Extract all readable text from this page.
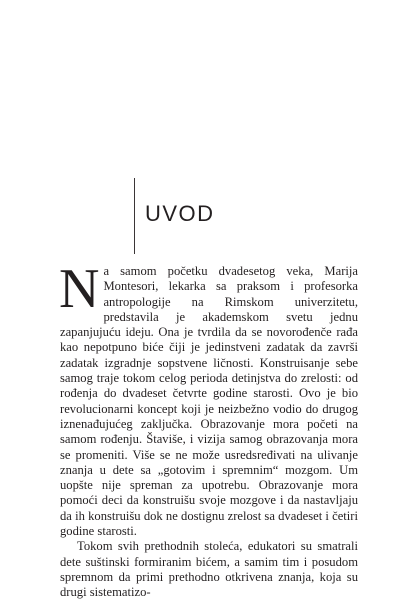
UVOD

Na samom početku dvadesetog veka, Marija Montesori, lekarka sa praksom i profesorka antropologije na Rimskom univerzitetu, predstavila je akademskom svetu jednu zapanjujuću ideju. Ona je tvrdila da se novorođenče rađa kao nepotpuno biće čiji je jedinstveni zadatak da završi zadatak izgradnje sopstvene ličnosti. Konstruisanje sebe samog traje tokom celog perioda detinjstva do zrelosti: od rođenja do dvadeset četvrte godine starosti. Ovo je bio revolucionarni koncept koji je neizbežno vodio do drugog iznenađujućeg zaključka. Obrazovanje mora početi na samom rođenju. Štaviše, i vizija samog obrazovanja mora se promeniti. Više se ne može usredsređivati na ulivanje znanja u dete sa „gotovim i spremnim“ mozgom. Um uopšte nije spreman za upotrebu. Obrazovanje mora pomoći deci da konstruišu svoje mozgove i da nastavljaju da ih konstruišu dok ne dostignu zrelost sa dvadeset i četiri godine starosti.

Tokom svih prethodnih stoleća, edukatori su smatrali dete suštinski formiranim bićem, a samim tim i posudom spremnom da primi prethodno otkrivena znanja, koja su drugi sistematizo-
